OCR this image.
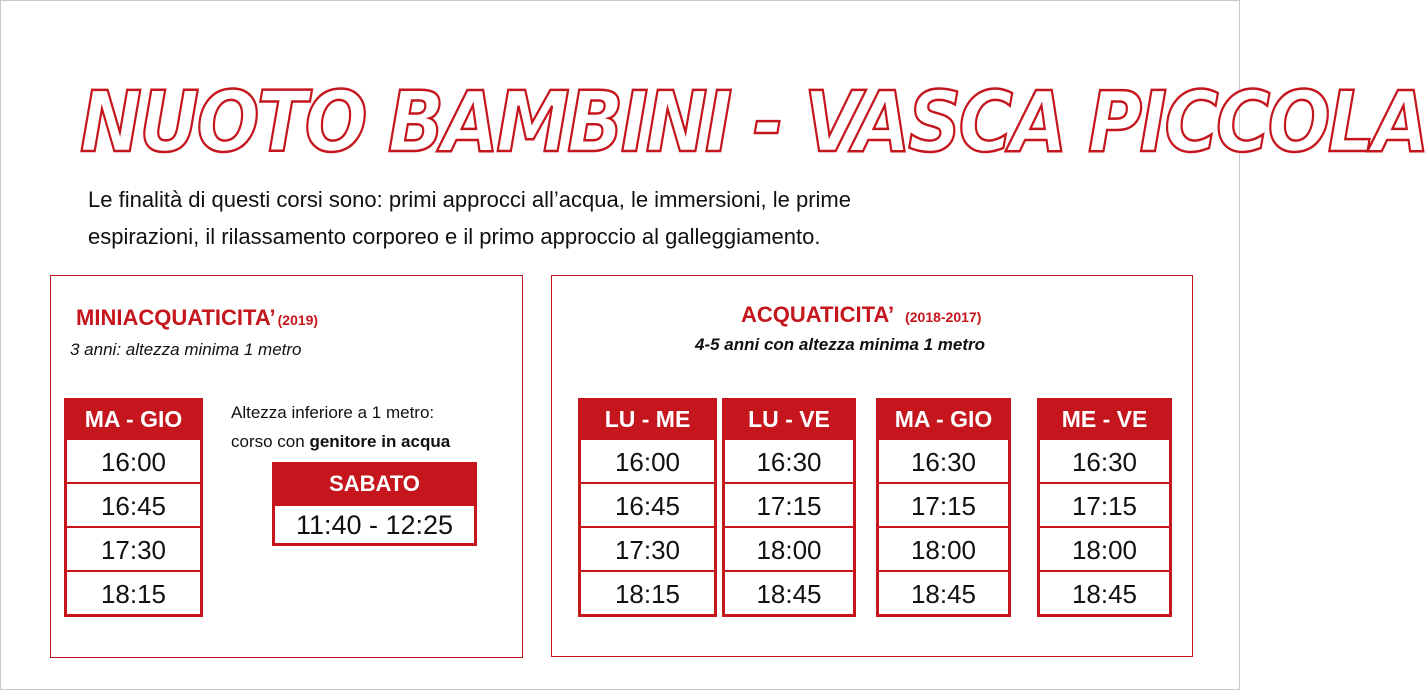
NUOTO BAMBINI - VASCA PICCOLA
Le finalità di questi corsi sono: primi approcci all’acqua, le immersioni, le prime
espirazioni, il rilassamento corporeo e il primo approccio al galleggiamento.
MINIACQUATICITA’ (2019)
3 anni: altezza minima 1 metro
MA - GIO
16:00
16:45
17:30
18:15
Altezza inferiore a 1 metro:
corso con genitore in acqua
SABATO
11:40 - 12:25
ACQUATICITA’ (2018-2017)
4-5 anni con altezza minima 1 metro
LU - ME
16:00
16:45
17:30
18:15
LU - VE
16:30
17:15
18:00
18:45
MA - GIO
16:30
17:15
18:00
18:45
ME - VE
16:30
17:15
18:00
18:45
